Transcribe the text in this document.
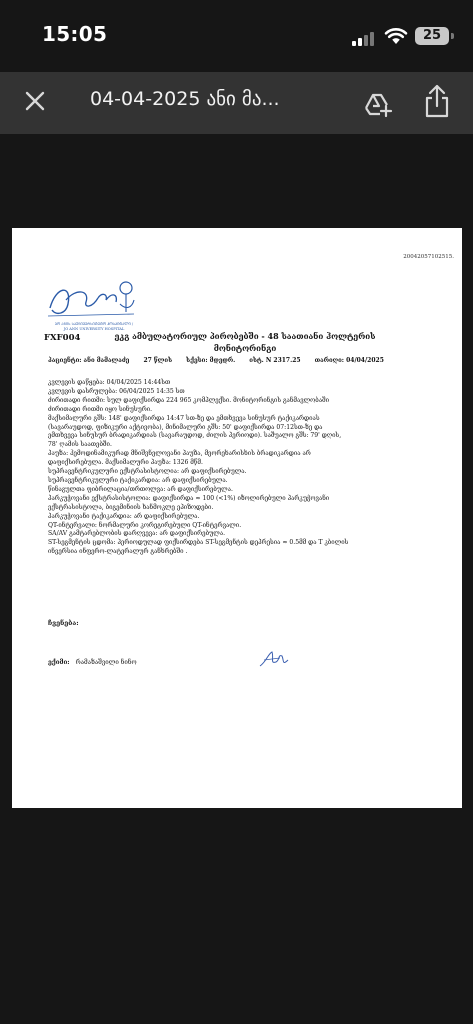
15:05	25
04-04-2025 ანი მა...
20042057102515.
ᲯᲝ ᲐᲜᲘᲡ ᲡᲐᲣᲜᲘᲕᲔᲠᲡᲘᲢᲔᲢᲝ ᲰᲝᲡᲞᲘᲢᲐᲚᲘ / JO ANN UNIVERSITY HOSPITAL
FXF004	ეკგ ამბულატორიულ პირობებში - 48 საათიანი ჰოლტერის მონიტორინგი
პაციენტი: ანი მამალაძე 27 წლის სქესი: მდედრ. ისტ. N 2317.25 თარიღი: 04/04/2025
კვლევის დაწყება: 04/04/2025 14:44სთ
კვლევის დასრულება: 06/04/2025 14:35 სთ
ძირითადი რითმი: სულ დაფიქსირდა 224 965 კომპლექსი. მონიტორინგის განმავლობაში
ძირითადი რითმი იყო სინუსური.
მაქსიმალური გშს: 148' დაფიქსირდა 14:47 სთ-ზე და ემთხვევა სინუსურ ტაქიკარდიას
(სავარაუდოდ, ფიზიკური აქტივობა), მინიმალური გშს: 50' დაფიქსირდა 07:12სთ-ზე და
ემთხვევა სინუსურ ბრადიკარდიას (სავარაუდოდ, ძილის პერიოდი). საშუალო გშს: 79' დღის,
78' ღამის საათებში.
პაუზა: ჰემოდინამიკურად მნიშვნელოვანი პაუზა, მეორეხარისხის ბრადიკარდია არ
დაფიქსირებულა. მაქსიმალური პაუზა: 1326 მწმ.
სუპრავენტრიკულური ექსტრასისტოლია: არ დაფიქსირებულა.
სუპრავენტრიკულური ტაქიკარდია: არ დაფიქსირებულა.
წინაგულთა ფიბრილაცია/თრთოლვა: არ დაფიქსირებულა.
პარკუჭოვანი ექსტრასისტოლია: დაფიქსირდა ≈ 100 (<1%) იზოლირებული პარკუჭოვანი
ექსტრასისტოლა, ბიგემინიის ხანმოკლე ეპიზოდები.
პარკუჭოვანი ტაქიკარდია: არ დაფიქსირებულა.
QT-ინტერვალი: ნორმალური კორეგირებული QT-ინტერვალი.
SA/AV გამტარებლობის დარღვევა: არ დაფიქსირებულა.
ST-სეგმენტის ცდომა: პერიოდულად ფიქსირდება ST-სეგმენტის დეპრესია ≈ 0.5მმ და T კბილის
ინვერსია ინფერო-ლატერალურ განხრებში .
ჩვენება:
ექიმი: რამაზაშვილი ნინო
